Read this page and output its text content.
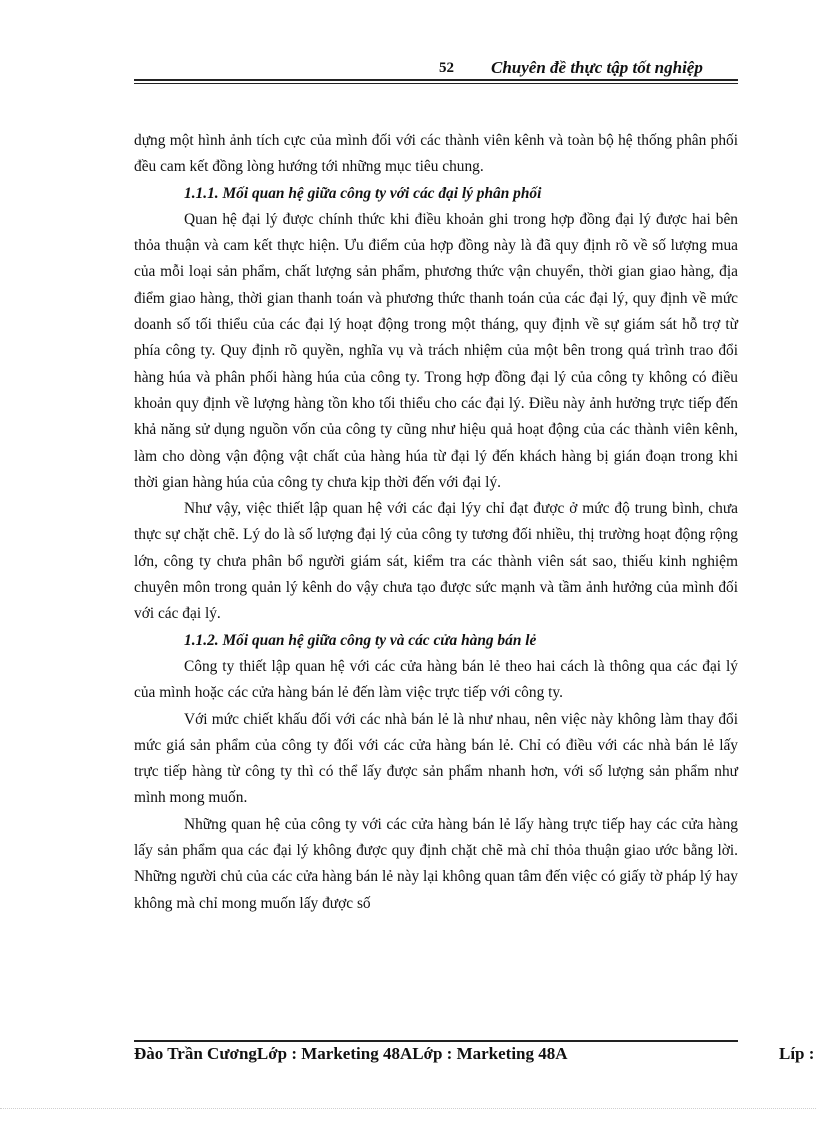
52 Chuyên đề thực tập tốt nghiệp

dựng một hình ảnh tích cực của mình đối với các thành viên kênh và toàn bộ hệ thống phân phối đều cam kết đồng lòng hướng tới những mục tiêu chung.

1.1.1. Mối quan hệ giữa công ty với các đại lý phân phối

Quan hệ đại lý được chính thức khi điều khoản ghi trong hợp đồng đại lý được hai bên thỏa thuận và cam kết thực hiện. Ưu điểm của hợp đồng này là đã quy định rõ về số lượng mua của mỗi loại sản phẩm, chất lượng sản phẩm, phương thức vận chuyển, thời gian giao hàng, địa điểm giao hàng, thời gian thanh toán và phương thức thanh toán của các đại lý, quy định về mức doanh số tối thiểu của các đại lý hoạt động trong một tháng, quy định về sự giám sát hỗ trợ từ phía công ty. Quy định rõ quyền, nghĩa vụ và trách nhiệm của một bên trong quá trình trao đổi hàng húa và phân phối hàng húa của công ty. Trong hợp đồng đại lý của công ty không có điều khoản quy định về lượng hàng tồn kho tối thiểu cho các đại lý. Điều này ảnh hưởng trực tiếp đến khả năng sử dụng nguồn vốn của công ty cũng như hiệu quả hoạt động của các thành viên kênh, làm cho dòng vận động vật chất của hàng húa từ đại lý đến khách hàng bị gián đoạn trong khi thời gian hàng húa của công ty chưa kịp thời đến với đại lý.

Như vậy, việc thiết lập quan hệ với các đại lýy chỉ đạt được ở mức độ trung bình, chưa thực sự chặt chẽ. Lý do là số lượng đại lý của công ty tương đối nhiều, thị trường hoạt động rộng lớn, công ty chưa phân bổ người giám sát, kiểm tra các thành viên sát sao, thiếu kinh nghiệm chuyên môn trong quản lý kênh do vậy chưa tạo được sức mạnh và tầm ảnh hưởng của mình đối với các đại lý.

1.1.2. Mối quan hệ giữa công ty và các cửa hàng bán lẻ

Công ty thiết lập quan hệ với các cửa hàng bán lẻ theo hai cách là thông qua các đại lý của mình hoặc các cửa hàng bán lẻ đến làm việc trực tiếp với công ty.

Với mức chiết khấu đối với các nhà bán lẻ là như nhau, nên việc này không làm thay đổi mức giá sản phẩm của công ty đối với các cửa hàng bán lẻ. Chỉ có điều với các nhà bán lẻ lấy trực tiếp hàng từ công ty thì có thể lấy được sản phẩm nhanh hơn, với số lượng sản phẩm như mình mong muốn.

Những quan hệ của công ty với các cửa hàng bán lẻ lấy hàng trực tiếp hay các cửa hàng lấy sản phẩm qua các đại lý không được quy định chặt chẽ mà chỉ thỏa thuận giao ước bằng lời. Những người chủ của các cửa hàng bán lẻ này lại không quan tâm đến việc có giấy tờ pháp lý hay không mà chỉ mong muốn lấy được số

Đào Trần CươngLớp : Marketing 48ALớp : Marketing 48A	Líp :
